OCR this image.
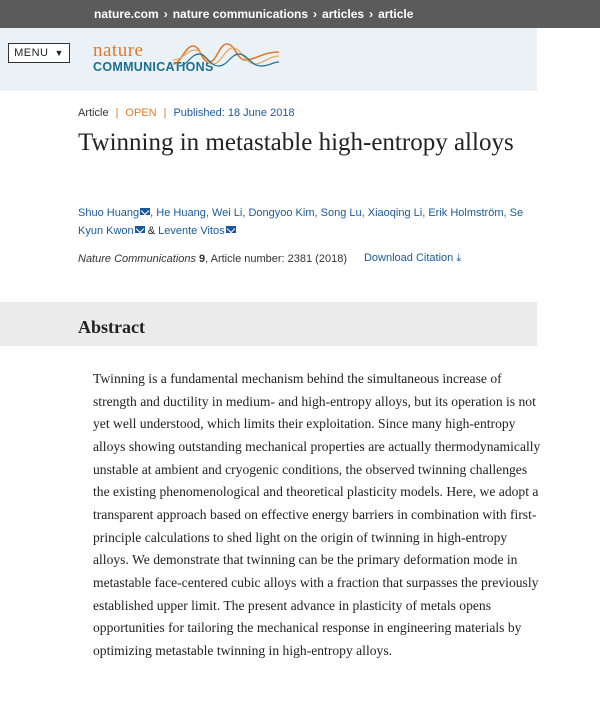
nature.com › nature communications › articles › article
MENU ▼ nature
COMMUNICATIONS
Article | OPEN | Published: 18 June 2018
Twinning in metastable high-entropy alloys
Shuo Huang , He Huang, Wei Li, Dongyoo Kim, Song Lu, Xiaoqing Li, Erik Holmström, Se Kyun Kwon & Levente Vitos
Nature Communications 9 , Article number: 2381 (2018) Download Citation ⤓
Abstract

Twinning is a fundamental mechanism behind the simultaneous increase of strength and ductility in medium- and high-entropy alloys, but its operation is not yet well understood, which limits their exploitation. Since many high-entropy alloys showing outstanding mechanical properties are actually thermodynamically unstable at ambient and cryogenic conditions, the observed twinning challenges the existing phenomenological and theoretical plasticity models. Here, we adopt a transparent approach based on effective energy barriers in combination with first-principle calculations to shed light on the origin of twinning in high-entropy alloys. We demonstrate that twinning can be the primary deformation mode in metastable face-centered cubic alloys with a fraction that surpasses the previously established upper limit. The present advance in plasticity of metals opens opportunities for tailoring the mechanical response in engineering materials by optimizing metastable twinning in high-entropy alloys.
